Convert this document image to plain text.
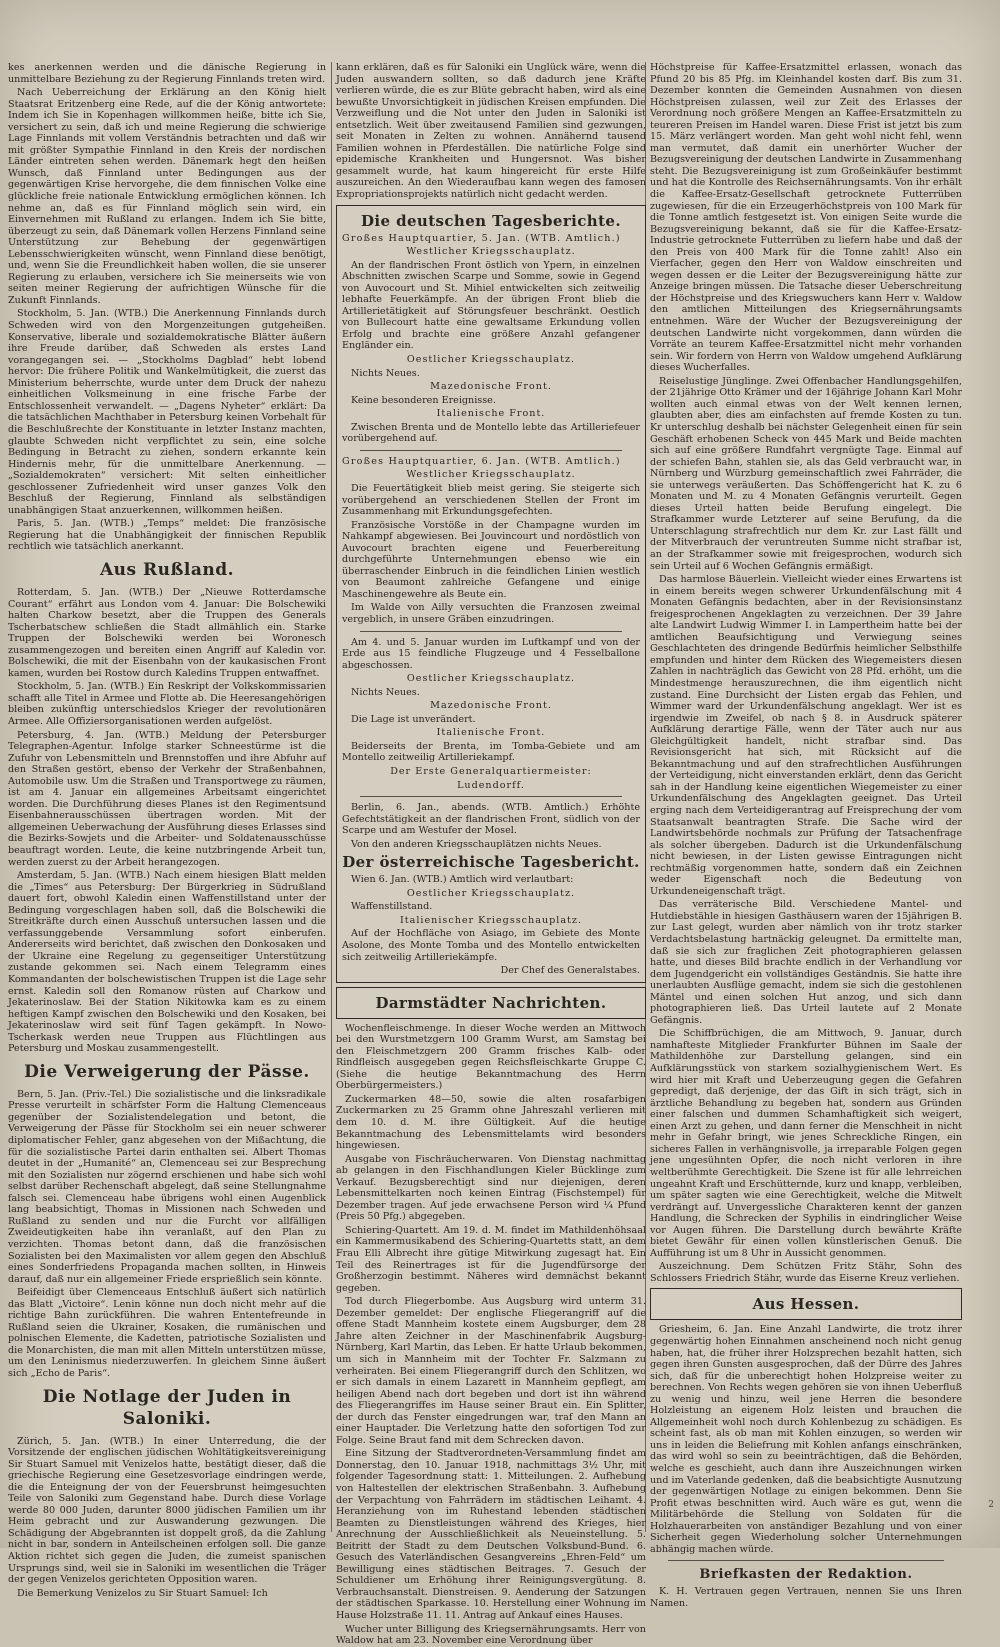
kes anerkennen werden und die dänische Regierung in unmittelbare Beziehung zu der Regierung Finnlands treten wird.

Nach Ueberreichung der Erklärung an den König hielt Staatsrat Eritzenberg eine Rede, auf die der König antwortete: Indem ich Sie in Kopenhagen willkommen heiße, bitte ich Sie, versichert zu sein, daß ich und meine Regierung die schwierige Lage Finnlands mit vollem Verständnis betrachten und daß wir mit größter Sympathie Finnland in den Kreis der nordischen Länder eintreten sehen werden. Dänemark hegt den heißen Wunsch, daß Finnland unter Bedingungen aus der gegenwärtigen Krise hervorgehe, die dem finnischen Volke eine glückliche freie nationale Entwicklung ermöglichen können. Ich nehme an, daß es für Finnland möglich sein wird, ein Einvernehmen mit Rußland zu erlangen. Indem ich Sie bitte, überzeugt zu sein, daß Dänemark vollen Herzens Finnland seine Unterstützung zur Behebung der gegenwärtigen Lebensschwierigkeiten wünscht, wenn Finnland diese benötigt, und, wenn Sie die Freundlichkeit haben wollen, die sie unserer Regierung zu erlauben, versichere ich Sie meinerseits wie von seiten meiner Regierung der aufrichtigen Wünsche für die Zukunft Finnlands.

Stockholm, 5. Jan. (WTB.) Die Anerkennung Finnlands durch Schweden wird von den Morgenzeitungen gutgeheißen. Konservative, liberale und sozialdemokratische Blätter äußern ihre Freude darüber, daß Schweden als erstes Land vorangegangen sei. — „Stockholms Dagblad“ hebt lobend hervor: Die frühere Politik und Wankelmütigkeit, die zuerst das Ministerium beherrschte, wurde unter dem Druck der nahezu einheitlichen Volksmeinung in eine frische Farbe der Entschlossenheit verwandelt. — „Dagens Nyheter“ erklärt: Da die tatsächlichen Machthaber in Petersburg keinen Vorbehalt für die Beschlußrechte der Konstituante in letzter Instanz machten, glaubte Schweden nicht verpflichtet zu sein, eine solche Bedingung in Betracht zu ziehen, sondern erkannte kein Hindernis mehr, für die unmittelbare Anerkennung. — „Sozialdemokraten“ versichert: Mit selten einheitlicher geschlossener Zufriedenheit wird unser ganzes Volk den Beschluß der Regierung, Finnland als selbständigen unabhängigen Staat anzuerkennen, willkommen heißen.

Paris, 5. Jan. (WTB.) „Temps“ meldet: Die französische Regierung hat die Unabhängigkeit der finnischen Republik rechtlich wie tatsächlich anerkannt.

Aus Rußland.

Rotterdam, 5. Jan. (WTB.) Der „Nieuwe Rotterdamsche Courant“ erfährt aus London vom 4. Januar: Die Bolschewiki halten Charkow besetzt, aber die Truppen des Generals Tscherbatschew schließen die Stadt allmählich ein. Starke Truppen der Bolschewiki werden bei Woronesch zusammengezogen und bereiten einen Angriff auf Kaledin vor. Bolschewiki, die mit der Eisenbahn von der kaukasischen Front kamen, wurden bei Rostow durch Kaledins Truppen entwaffnet.

Stockholm, 5. Jan. (WTB.) Ein Reskript der Volkskommissarien schafft alle Titel in Armee und Flotte ab. Die Heeresangehörigen bleiben zukünftig unterschiedslos Krieger der revolutionären Armee. Alle Offiziersorganisationen werden aufgelöst.

Petersburg, 4. Jan. (WTB.) Meldung der Petersburger Telegraphen-Agentur. Infolge starker Schneestürme ist die Zufuhr von Lebensmitteln und Brennstoffen und ihre Abfuhr auf den Straßen gestört, ebenso der Verkehr der Straßenbahnen, Automobile usw. Um die Straßen und Transportwege zu räumen, ist am 4. Januar ein allgemeines Arbeitsamt eingerichtet worden. Die Durchführung dieses Planes ist den Regimentsund Eisenbahnerausschüssen übertragen worden. Mit der allgemeinen Ueberwachung der Ausführung dieses Erlasses sind die Bezirks-Sowjets und die Arbeiter- und Soldatenausschüsse beauftragt worden. Leute, die keine nutzbringende Arbeit tun, werden zuerst zu der Arbeit herangezogen.

Amsterdam, 5. Jan. (WTB.) Nach einem hiesigen Blatt melden die „Times“ aus Petersburg: Der Bürgerkrieg in Südrußland dauert fort, obwohl Kaledin einen Waffenstillstand unter der Bedingung vorgeschlagen haben soll, daß die Bolschewiki die Streitkräfte durch einen Ausschuß untersuchen lassen und die verfassunggebende Versammlung sofort einberufen. Andererseits wird berichtet, daß zwischen den Donkosaken und der Ukraine eine Regelung zu gegenseitiger Unterstützung zustande gekommen sei. Nach einem Telegramm eines Kommandanten der bolschewistischen Truppen ist die Lage sehr ernst. Kaledin soll den Romanow rüsten auf Charkow und Jekaterinoslaw. Bei der Station Nikitowka kam es zu einem heftigen Kampf zwischen den Bolschewiki und den Kosaken, bei Jekaterinoslaw wird seit fünf Tagen gekämpft. In Nowo-Tscherkask werden neue Truppen aus Flüchtlingen aus Petersburg und Moskau zusammengestellt.

Die Verweigerung der Pässe.

Bern, 5. Jan. (Priv.-Tel.) Die sozialistische und die linksradikale Presse verurteilt in schärfster Form die Haltung Clemenceaus gegenüber der Sozialistendelegation und betont, die Verweigerung der Pässe für Stockholm sei ein neuer schwerer diplomatischer Fehler, ganz abgesehen von der Mißachtung, die für die sozialistische Partei darin enthalten sei. Albert Thomas deutet in der „Humanité“ an, Clemenceau sei zur Besprechung mit den Sozialisten nur zögernd erschienen und habe sich wohl selbst darüber Rechenschaft abgelegt, daß seine Stellungnahme falsch sei. Clemenceau habe übrigens wohl einen Augenblick lang beabsichtigt, Thomas in Missionen nach Schweden und Rußland zu senden und nur die Furcht vor allfälligen Zweideutigkeiten habe ihn veranlaßt, auf den Plan zu verzichten. Thomas betont dann, daß die französischen Sozialisten bei den Maximalisten vor allem gegen den Abschluß eines Sonderfriedens Propaganda machen sollten, in Hinweis darauf, daß nur ein allgemeiner Friede ersprießlich sein könnte.

Beifeidigt über Clemenceaus Entschluß äußert sich natürlich das Blatt „Victoire“. Lenin könne nun doch nicht mehr auf die richtige Bahn zurückführen. Die wahren Ententefreunde in Rußland seien die Ukrainer, Kosaken, die rumänischen und polnischen Elemente, die Kadetten, patriotische Sozialisten und die Monarchisten, die man mit allen Mitteln unterstützen müsse, um den Leninismus niederzuwerfen. In gleichem Sinne äußert sich „Echo de Paris“.

Die Notlage der Juden in Saloniki.

Zürich, 5. Jan. (WTB.) In einer Unterredung, die der Vorsitzende der englischen jüdischen Wohltätigkeitsvereinigung Sir Stuart Samuel mit Venizelos hatte, bestätigt dieser, daß die griechische Regierung eine Gesetzesvorlage eindringen werde, die die Enteignung der von der Feuersbrunst heimgesuchten Teile von Saloniki zum Gegenstand habe. Durch diese Vorlage werde 80 000 Juden, darunter 8000 jüdischen Familien um ihr Heim gebracht und zur Auswanderung gezwungen. Die Schädigung der Abgebrannten ist doppelt groß, da die Zahlung nicht in bar, sondern in Anteilscheinen erfolgen soll. Die ganze Aktion richtet sich gegen die Juden, die zumeist spanischen Ursprungs sind, weil sie in Saloniki im wesentlichen die Träger der gegen Venizelos gerichteten Opposition waren.

Die Bemerkung Venizelos zu Sir Stuart Samuel: Ich

kann erklären, daß es für Saloniki ein Unglück wäre, wenn die Juden auswandern sollten, so daß dadurch jene Kräfte verlieren würde, die es zur Blüte gebracht haben, wird als eine bewußte Unvorsichtigkeit in jüdischen Kreisen empfunden. Die Verzweiflung und die Not unter den Juden in Saloniki ist entsetzlich. Weit über zweitausend Familien sind gezwungen, seit Monaten in Zelten zu wohnen. Annähernd tausend Familien wohnen in Pferdeställen. Die natürliche Folge sind epidemische Krankheiten und Hungersnot. Was bisher gesammelt wurde, hat kaum hingereicht für erste Hilfe auszureichen. An den Wiederaufbau kann wegen des famosen Expropriationsprojekts natürlich nicht gedacht werden.

Die deutschen Tagesberichte.

Großes Hauptquartier, 5. Jan. (WTB. Amtlich.)

Westlicher Kriegsschauplatz.

An der flandrischen Front östlich von Ypern, in einzelnen Abschnitten zwischen Scarpe und Somme, sowie in Gegend von Auvocourt und St. Mihiel entwickelten sich zeitweilig lebhafte Feuerkämpfe. An der übrigen Front blieb die Artillerietätigkeit auf Störungsfeuer beschränkt. Oestlich von Bullecourt hatte eine gewaltsame Erkundung vollen Erfolg und brachte eine größere Anzahl gefangener Engländer ein.

Oestlicher Kriegsschauplatz.

Nichts Neues.

Mazedonische Front.

Keine besonderen Ereignisse.

Italienische Front.

Zwischen Brenta und de Montello lebte das Artilleriefeuer vorübergehend auf.

Großes Hauptquartier, 6. Jan. (WTB. Amtlich.)

Westlicher Kriegsschauplatz.

Die Feuertätigkeit blieb meist gering. Sie steigerte sich vorübergehend an verschiedenen Stellen der Front im Zusammenhang mit Erkundungsgefechten.

Französische Vorstöße in der Champagne wurden im Nahkampf abgewiesen. Bei Jouvincourt und nordöstlich von Auvocourt brachten eigene und Feuerbereitung durchgeführte Unternehmungen ebenso wie ein überraschender Einbruch in die feindlichen Linien westlich von Beaumont zahlreiche Gefangene und einige Maschinengewehre als Beute ein.

Im Walde von Ailly versuchten die Franzosen zweimal vergeblich, in unsere Gräben einzudringen.

Am 4. und 5. Januar wurden im Luftkampf und von der Erde aus 15 feindliche Flugzeuge und 4 Fesselballone abgeschossen.

Oestlicher Kriegsschauplatz.

Nichts Neues.

Mazedonische Front.

Die Lage ist unverändert.

Italienische Front.

Beiderseits der Brenta, im Tomba-Gebiete und am Montello zeitweilig Artilleriekampf.

Der Erste Generalquartiermeister:

Ludendorff.

Berlin, 6. Jan., abends. (WTB. Amtlich.) Erhöhte Gefechtstätigkeit an der flandrischen Front, südlich von der Scarpe und am Westufer der Mosel.

Von den anderen Kriegsschauplätzen nichts Neues.

Der österreichische Tagesbericht.

Wien 6. Jan. (WTB.) Amtlich wird verlautbart:

Oestlicher Kriegsschauplatz.

Waffenstillstand.

Italienischer Kriegsschauplatz.

Auf der Hochfläche von Asiago, im Gebiete des Monte Asolone, des Monte Tomba und des Montello entwickelten sich zeitweilig Artilleriekämpfe.

Der Chef des Generalstabes.

Darmstädter Nachrichten.

Wochenfleischmenge. In dieser Woche werden an Mittwoch bei den Wurstmetzgern 100 Gramm Wurst, am Samstag bei den Fleischmetzgern 200 Gramm frisches Kalb- oder Rindfleisch ausgegeben gegen Reichsfleischkarte Gruppe C. (Siehe die heutige Bekanntmachung des Herrn Oberbürgermeisters.)

Zuckermarken 48—50, sowie die alten rosafarbigen Zuckermarken zu 25 Gramm ohne Jahreszahl verlieren mit dem 10. d. M. ihre Gültigkeit. Auf die heutige Bekanntmachung des Lebensmittelamts wird besonders hingewiesen.

Ausgabe von Fischräucherwaren. Von Dienstag nachmittag ab gelangen in den Fischhandlungen Kieler Bücklinge zum Verkauf. Bezugsberechtigt sind nur diejenigen, deren Lebensmittelkarten noch keinen Eintrag (Fischstempel) für Dezember tragen. Auf jede erwachsene Person wird ¼ Pfund (Preis 50 Pfg.) abgegeben.

Schiering-Quartett. Am 19. d. M. findet im Mathildenhöhsaal ein Kammermusikabend des Schiering-Quartetts statt, an dem Frau Elli Albrecht ihre gütige Mitwirkung zugesagt hat. Ein Teil des Reinertrages ist für die Jugendfürsorge der Großherzogin bestimmt. Näheres wird demnächst bekannt gegeben.

Tod durch Fliegerbombe. Aus Augsburg wird unterm 31. Dezember gemeldet: Der englische Fliegerangriff auf die offene Stadt Mannheim kostete einem Augsburger, dem 28 Jahre alten Zeichner in der Maschinenfabrik Augsburg-Nürnberg, Karl Martin, das Leben. Er hatte Urlaub bekommen, um sich in Mannheim mit der Tochter Fr. Salzmann zu verheiraten. Bei einem Fliegerangriff durch den Schlitzen, wo er sich damals in einem Lazarett in Mannheim gepflegt, am heiligen Abend nach dort begeben und dort ist ihn während des Fliegerangriffes im Hause seiner Braut ein. Ein Splitter, der durch das Fenster eingedrungen war, traf den Mann an einer Hauptader. Die Verletzung hatte den sofortigen Tod zur Folge. Seine Braut fand mit dem Schrecken davon.

Eine Sitzung der Stadtverordneten-Versammlung findet am Donnerstag, den 10. Januar 1918, nachmittags 3½ Uhr, mit folgender Tagesordnung statt: 1. Mitteilungen. 2. Aufhebung von Haltestellen der elektrischen Straßenbahn. 3. Aufhebung der Verpachtung von Fahrrädern im städtischen Leihamt. 4. Heranziehung von im Ruhestand lebenden städtischen Beamten zu Dienstleistungen während des Krieges, hier Anrechnung der Ausschließlichkeit als Neueinstellung. 5. Beitritt der Stadt zu dem Deutschen Volksbund-Bund. 6. Gesuch des Vaterländischen Gesangvereins „Ehren-Feld“ um Bewilligung eines städtischen Beitrages. 7. Gesuch der Schuldiener um Erhöhung ihrer Reinigungsvergütung. 8. Verbrauchsanstalt. Dienstreisen. 9. Aenderung der Satzungen der städtischen Sparkasse. 10. Herstellung einer Wohnung im Hause Holzstraße 11. 11. Antrag auf Ankauf eines Hauses.

Wucher unter Billigung des Kriegsernährungsamts. Herr von Waldow hat am 23. November eine Verordnung über

Höchstpreise für Kaffee-Ersatzmittel erlassen, wonach das Pfund 20 bis 85 Pfg. im Kleinhandel kosten darf. Bis zum 31. Dezember konnten die Gemeinden Ausnahmen von diesen Höchstpreisen zulassen, weil zur Zeit des Erlasses der Verordnung noch größere Mengen an Kaffee-Ersatzmitteln zu teureren Preisen im Handel waren. Diese Frist ist jetzt bis zum 15. März verlängert worden. Man geht wohl nicht fehl, wenn man vermutet, daß damit ein unerhörter Wucher der Bezugsvereinigung der deutschen Landwirte in Zusammenhang steht. Die Bezugsvereinigung ist zum Großeinkäufer bestimmt und hat die Kontrolle des Reichsernährungsamts. Von ihr erhält die Kaffee-Ersatz-Gesellschaft getrocknete Futterrüben zugewiesen, für die ein Erzeugerhöchstpreis von 100 Mark für die Tonne amtlich festgesetzt ist. Von einigen Seite wurde die Bezugsvereinigung bekannt, daß sie für die Kaffee-Ersatz-Industrie getrocknete Futterrüben zu liefern habe und daß der den Preis von 400 Mark für die Tonne zahlt! Also ein Vierfacher, gegen den Herr von Waldow einschreiten und wegen dessen er die Leiter der Bezugsvereinigung hätte zur Anzeige bringen müssen. Die Tatsache dieser Ueberschreitung der Höchstpreise und des Kriegswuchers kann Herr v. Waldow den amtlichen Mitteilungen des Kriegsernährungsamts entnehmen. Wäre der Wucher der Bezugsvereinigung der deutschen Landwirte nicht vorgekommen, dann würden die Vorräte an teurem Kaffee-Ersatzmittel nicht mehr vorhanden sein. Wir fordern von Herrn von Waldow umgehend Aufklärung dieses Wucherfalles.

Reiselustige Jünglinge. Zwei Offenbacher Handlungsgehilfen, der 21jährige Otto Krämer und der 16jährige Johann Karl Mohr wollten auch einmal etwas von der Welt kennen lernen, glaubten aber, dies am einfachsten auf fremde Kosten zu tun. Kr unterschlug deshalb bei nächster Gelegenheit einen für sein Geschäft erhobenen Scheck von 445 Mark und Beide machten sich auf eine größere Rundfahrt vergnügte Tage. Einmal auf der schiefen Bahn, stahlen sie, als das Geld verbraucht war, in Nürnberg und Würzburg gemeinschaftlich zwei Fahrräder, die sie unterwegs veräußerten. Das Schöffengericht hat K. zu 6 Monaten und M. zu 4 Monaten Gefängnis verurteilt. Gegen dieses Urteil hatten beide Berufung eingelegt. Die Strafkammer wurde Letzterer auf seine Berufung, da die Unterschlagung strafrechtlich nur dem Kr. zur Last fällt und der Mitverbrauch der veruntreuten Summe nicht strafbar ist, an der Strafkammer sowie mit freigesprochen, wodurch sich sein Urteil auf 6 Wochen Gefängnis ermäßigt.

Das harmlose Bäuerlein. Vielleicht wieder eines Erwartens ist in einem bereits wegen schwerer Urkundenfälschung mit 4 Monaten Gefängnis bedachten, aber in der Revisionsinstanz freigesprochenen Angeklagten zu verzeichnen. Der 39 Jahre alte Landwirt Ludwig Wimmer I. in Lampertheim hatte bei der amtlichen Beaufsichtigung und Verwiegung seines Geschlachteten des dringende Bedürfnis heimlicher Selbsthilfe empfunden und hinter dem Rücken des Wiegemeisters diesen Zahlen in nachträglich das Gewicht von 28 Pfd. erhöht, um die Mindestmenge herauszurechnen, die ihm eigentlich nicht zustand. Eine Durchsicht der Listen ergab das Fehlen, und Wimmer ward der Urkundenfälschung angeklagt. Wer ist es irgendwie im Zweifel, ob nach § 8. in Ausdruck späterer Aufklärung derartige Fälle, wenn der Täter auch nur aus Gleichgültigkeit handelt, nicht strafbar sind. Das Revisionsgericht hat sich, mit Rücksicht auf die Bekanntmachung und auf den strafrechtlichen Ausführungen der Verteidigung, nicht einverstanden erklärt, denn das Gericht sah in der Handlung keine eigentlichen Wiegemeister zu einer Urkundenfälschung des Angeklagten geeignet. Das Urteil erging nach dem Verteidigerantrag auf Freisprechung der vom Staatsanwalt beantragten Strafe. Die Sache wird der Landwirtsbehörde nochmals zur Prüfung der Tatsachenfrage als solcher übergeben. Dadurch ist die Urkundenfälschung nicht bewiesen, in der Listen gewisse Eintragungen nicht rechtmäßig vorgenommen hatte, sondern daß ein Zeichnen weder Eigenschaft noch die Bedeutung von Urkundeneigenschaft trägt.

Das verräterische Bild. Verschiedene Mantel- und Hutdiebstähle in hiesigen Gasthäusern waren der 15jährigen B. zur Last gelegt, wurden aber nämlich von ihr trotz starker Verdachtsbelastung hartnäckig geleugnet. Da ermittelte man, daß sie sich zur fraglichen Zeit photographieren gelassen hatte, und dieses Bild brachte endlich in der Verhandlung vor dem Jugendgericht ein vollständiges Geständnis. Sie hatte ihre unerlaubten Ausflüge gemacht, indem sie sich die gestohlenen Mäntel und einen solchen Hut anzog, und sich dann photographieren ließ. Das Urteil lautete auf 2 Monate Gefängnis.

Die Schiffbrüchigen, die am Mittwoch, 9. Januar, durch namhafteste Mitglieder Frankfurter Bühnen im Saale der Mathildenhöhe zur Darstellung gelangen, sind ein Aufklärungsstück von starkem sozialhygienischem Wert. Es wird hier mit Kraft und Ueberzeugung gegen die Gefahren gepredigt, daß derjenige, der das Gift in sich trägt, sich in ärztliche Behandlung zu begeben hat, sondern aus Gründen einer falschen und dummen Schamhaftigkeit sich weigert, einen Arzt zu gehen, und dann ferner die Menschheit in nicht mehr in Gefahr bringt, wie jenes Schreckliche Ringen, ein sicheres Fallen in verhängnisvolle, ja irreparable Folgen gegen jene ungesühnten Opfer, die noch nicht verloren in ihre weltberühmte Gerechtigkeit. Die Szene ist für alle lehrreichen ungeahnt Kraft und Erschütternde, kurz und knapp, verbleiben, um später sagten wie eine Gerechtigkeit, welche die Mitwelt verdrängt auf. Unvergessliche Charakteren kennt der ganzen Handlung, die Schrecken der Syphilis in eindringlicher Weise vor Augen führen. Die Darstellung durch bewährte Kräfte bietet Gewähr für einen vollen künstlerischen Genuß. Die Aufführung ist um 8 Uhr in Aussicht genommen.

Auszeichnung. Dem Schützen Fritz Stähr, Sohn des Schlossers Friedrich Stähr, wurde das Eiserne Kreuz verliehen.

Aus Hessen.

Griesheim, 6. Jan. Eine Anzahl Landwirte, die trotz ihrer gegenwärtig hohen Einnahmen anscheinend noch nicht genug haben, hat, die früher ihrer Holzsprechen bezahlt hatten, sich gegen ihren Gunsten ausgesprochen, daß der Dürre des Jahres sich, daß für die unberechtigt hohen Holzpreise weiter zu berechnen. Von Rechts wegen gehören sie von ihnen Ueberfluß zu wenig und hinzu, weil jene Herren die besondere Holzleistung an eigenem Holz leisten und brauchen die Allgemeinheit wohl noch durch Kohlenbezug zu schädigen. Es scheint fast, als ob man mit Kohlen einzugen, so werden wir uns in leiden die Beliefrung mit Kohlen anfangs einschränken, das wird wohl so sein zu beeinträchtigen, daß die Behörden, welche es geschieht, auch dann ihre Auszeichnungen wirken und im Vaterlande gedenken, daß die beabsichtigte Ausnutzung der gegenwärtigen Notlage zu einigen bekommen. Denn Sie Profit etwas beschnitten wird. Auch wäre es gut, wenn die Militärbehörde die Stellung von Soldaten für die Holzhauerarbeiten von anständiger Bezahlung und von einer Sicherheit gegen Wiederholung solcher Unternehmungen abhängig machen würde.

Briefkasten der Redaktion.

K. H. Vertrauen gegen Vertrauen, nennen Sie uns Ihren Namen.

2
